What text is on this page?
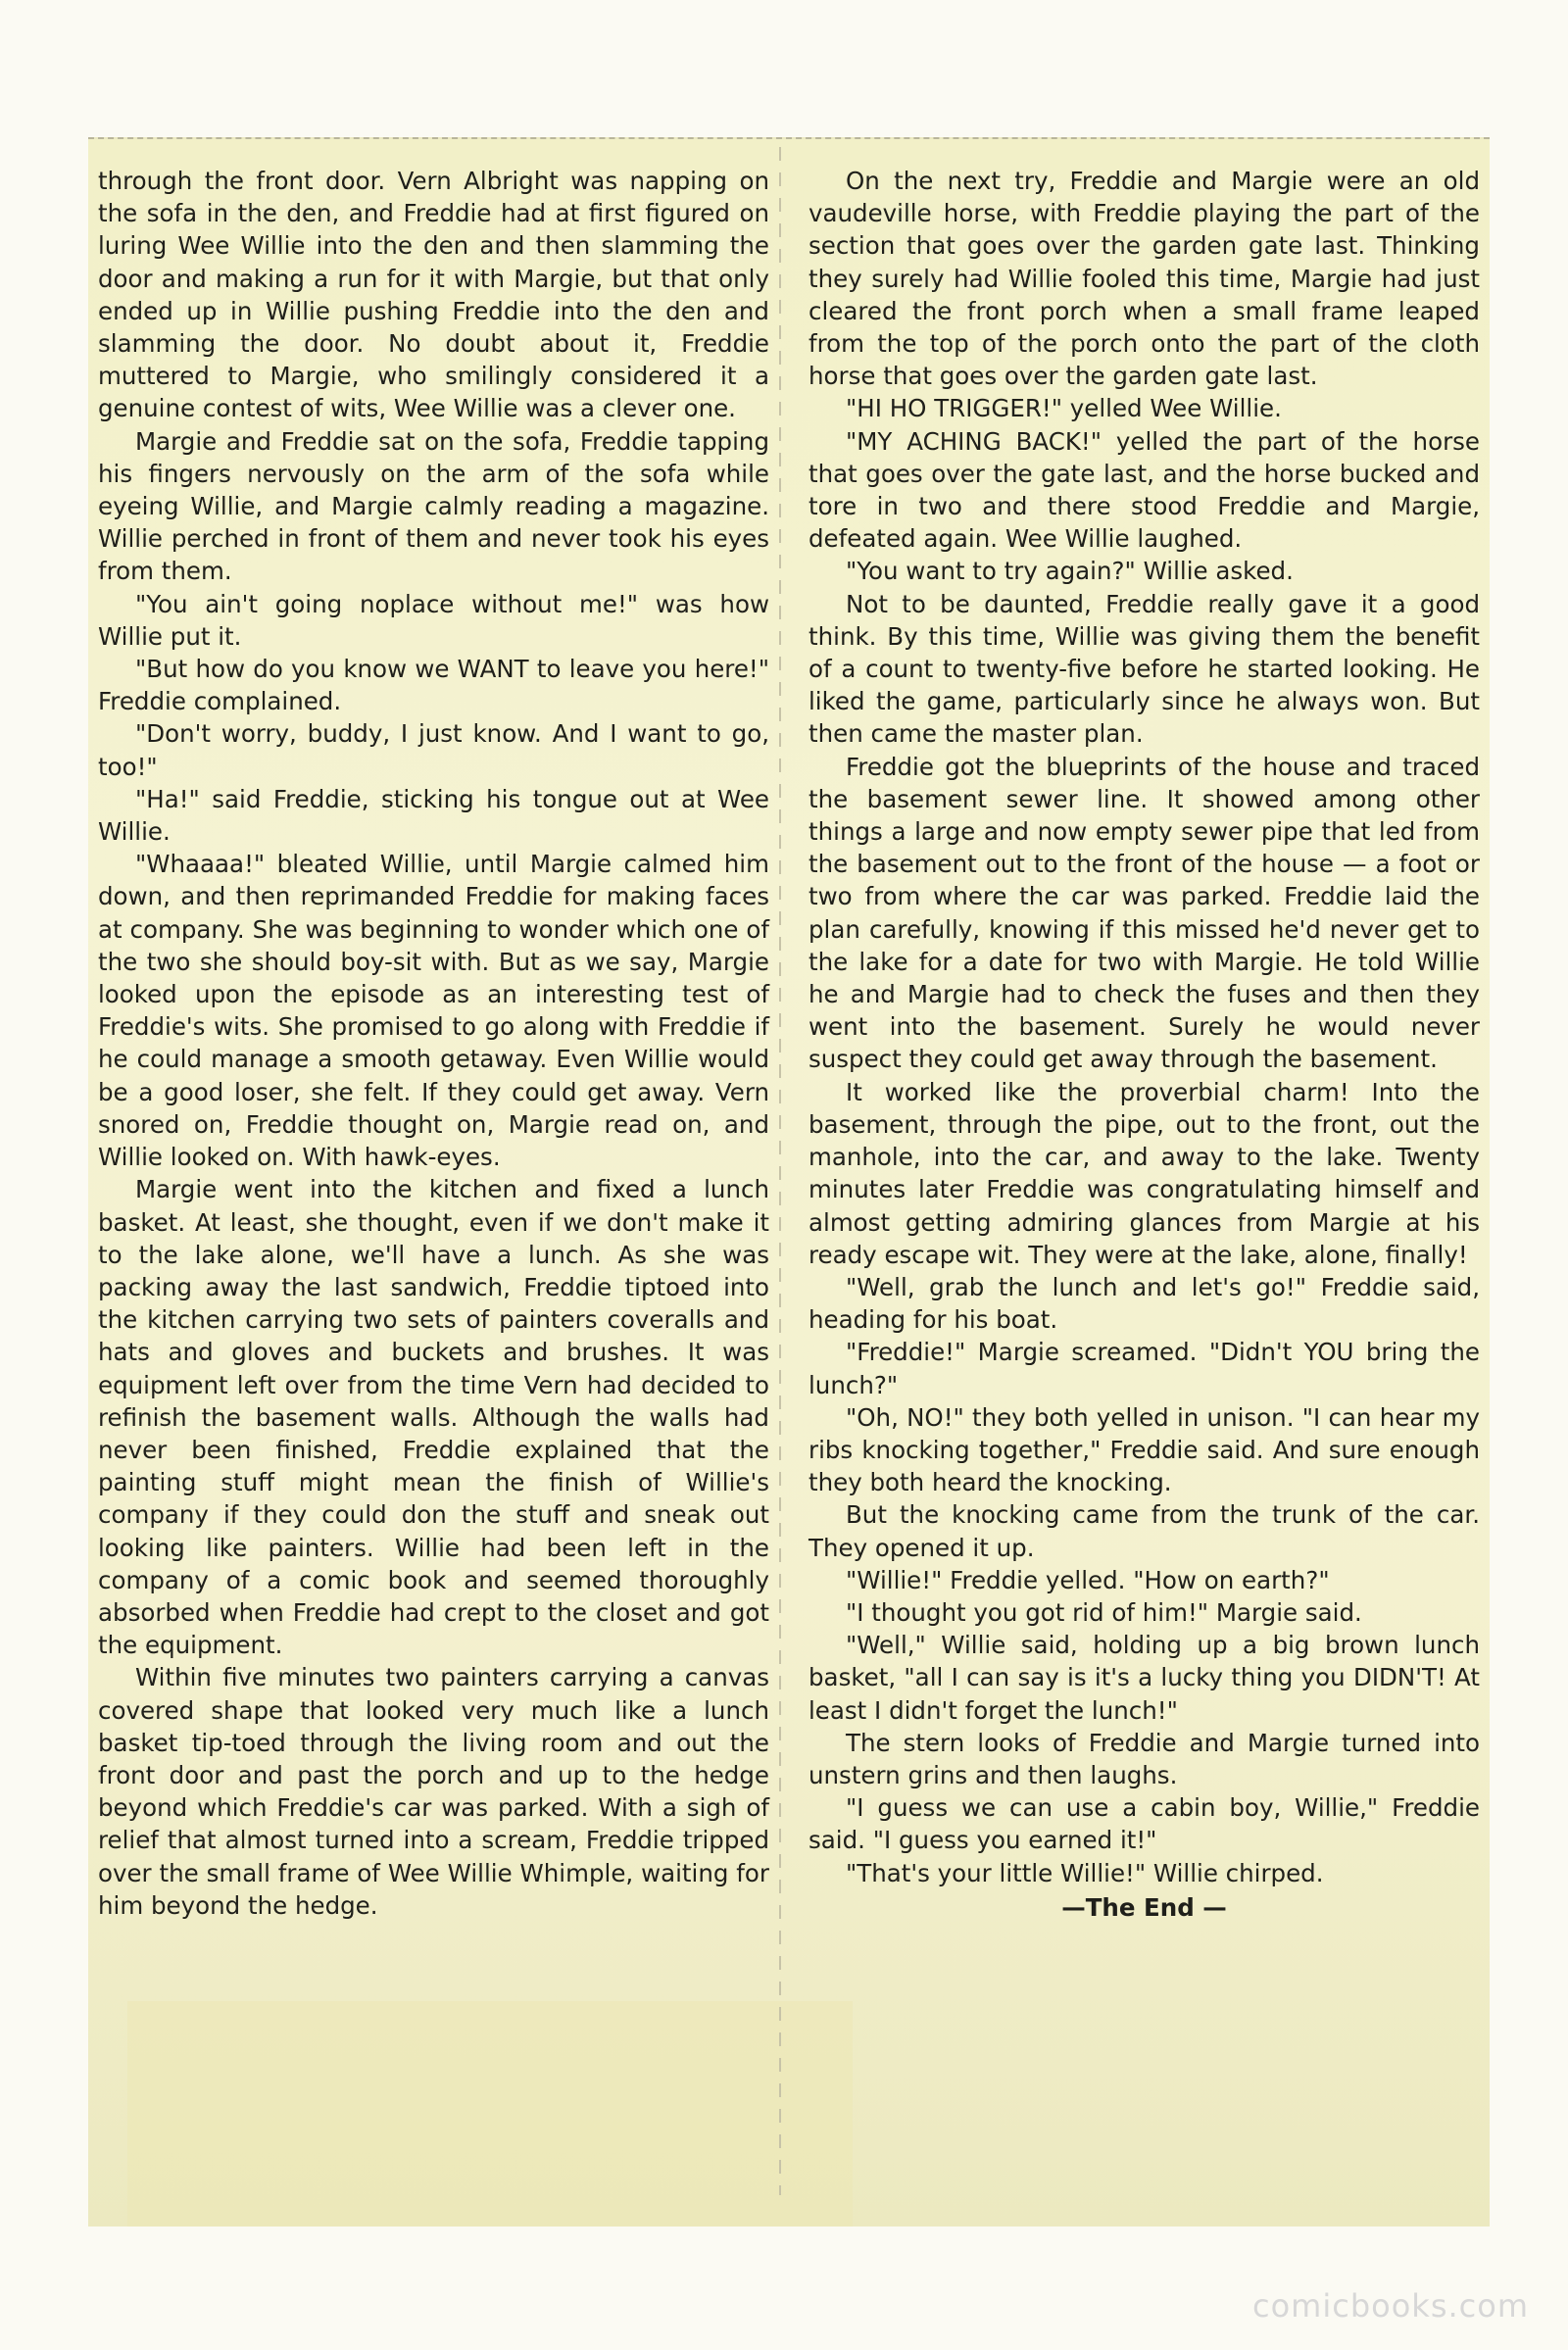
through the front door. Vern Albright was napping on the sofa in the den, and Freddie had at first figured on luring Wee Willie into the den and then slamming the door and making a run for it with Margie, but that only ended up in Willie pushing Freddie into the den and slamming the door. No doubt about it, Freddie muttered to Margie, who smilingly considered it a genuine contest of wits, Wee Willie was a clever one.

Margie and Freddie sat on the sofa, Freddie tapping his fingers nervously on the arm of the sofa while eyeing Willie, and Margie calmly reading a magazine. Willie perched in front of them and never took his eyes from them.

"You ain't going noplace without me!" was how Willie put it.

"But how do you know we WANT to leave you here!" Freddie complained.

"Don't worry, buddy, I just know. And I want to go, too!"

"Ha!" said Freddie, sticking his tongue out at Wee Willie.

"Whaaaa!" bleated Willie, until Margie calmed him down, and then reprimanded Freddie for making faces at company. She was beginning to wonder which one of the two she should boy-sit with. But as we say, Margie looked upon the episode as an interesting test of Freddie's wits. She promised to go along with Freddie if he could manage a smooth getaway. Even Willie would be a good loser, she felt. If they could get away. Vern snored on, Freddie thought on, Margie read on, and Willie looked on. With hawk-eyes.

Margie went into the kitchen and fixed a lunch basket. At least, she thought, even if we don't make it to the lake alone, we'll have a lunch. As she was packing away the last sandwich, Freddie tiptoed into the kitchen carrying two sets of painters coveralls and hats and gloves and buckets and brushes. It was equipment left over from the time Vern had decided to refinish the basement walls. Although the walls had never been finished, Freddie explained that the painting stuff might mean the finish of Willie's company if they could don the stuff and sneak out looking like painters. Willie had been left in the company of a comic book and seemed thoroughly absorbed when Freddie had crept to the closet and got the equipment.

Within five minutes two painters carrying a canvas covered shape that looked very much like a lunch basket tip-toed through the living room and out the front door and past the porch and up to the hedge beyond which Freddie's car was parked. With a sigh of relief that almost turned into a scream, Freddie tripped over the small frame of Wee Willie Whimple, waiting for him beyond the hedge.

On the next try, Freddie and Margie were an old vaudeville horse, with Freddie playing the part of the section that goes over the garden gate last. Thinking they surely had Willie fooled this time, Margie had just cleared the front porch when a small frame leaped from the top of the porch onto the part of the cloth horse that goes over the garden gate last.

"HI HO TRIGGER!" yelled Wee Willie.

"MY ACHING BACK!" yelled the part of the horse that goes over the gate last, and the horse bucked and tore in two and there stood Freddie and Margie, defeated again. Wee Willie laughed.

"You want to try again?" Willie asked.

Not to be daunted, Freddie really gave it a good think. By this time, Willie was giving them the benefit of a count to twenty-five before he started looking. He liked the game, particularly since he always won. But then came the master plan.

Freddie got the blueprints of the house and traced the basement sewer line. It showed among other things a large and now empty sewer pipe that led from the basement out to the front of the house — a foot or two from where the car was parked. Freddie laid the plan carefully, knowing if this missed he'd never get to the lake for a date for two with Margie. He told Willie he and Margie had to check the fuses and then they went into the basement. Surely he would never suspect they could get away through the basement.

It worked like the proverbial charm! Into the basement, through the pipe, out to the front, out the manhole, into the car, and away to the lake. Twenty minutes later Freddie was congratulating himself and almost getting admiring glances from Margie at his ready escape wit. They were at the lake, alone, finally!

"Well, grab the lunch and let's go!" Freddie said, heading for his boat.

"Freddie!" Margie screamed. "Didn't YOU bring the lunch?"

"Oh, NO!" they both yelled in unison. "I can hear my ribs knocking together," Freddie said. And sure enough they both heard the knocking.

But the knocking came from the trunk of the car. They opened it up.

"Willie!" Freddie yelled. "How on earth?"

"I thought you got rid of him!" Margie said.

"Well," Willie said, holding up a big brown lunch basket, "all I can say is it's a lucky thing you DIDN'T! At least I didn't forget the lunch!"

The stern looks of Freddie and Margie turned into unstern grins and then laughs.

"I guess we can use a cabin boy, Willie," Freddie said. "I guess you earned it!"

"That's your little Willie!" Willie chirped.

—The End —
comicbooks.com
